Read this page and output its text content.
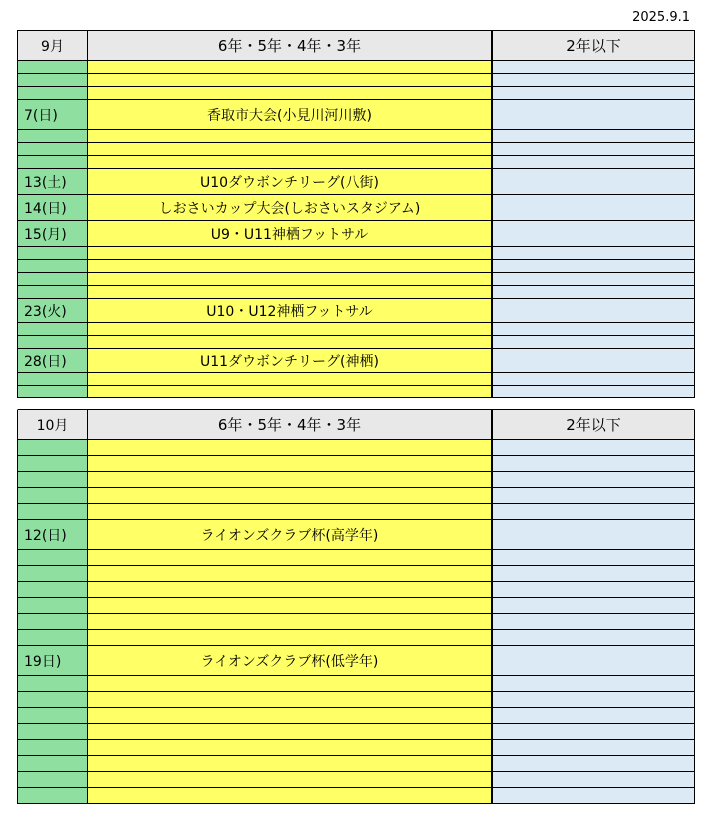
2025.9.1
9月	6年・5年・4年・3年	2年以下
7(日)	香取市大会(小見川河川敷)
13(土)	U10ダウボンチリーグ(八街)
14(日)	しおさいカップ大会(しおさいスタジアム)
15(月)	U9・U11神栖フットサル
23(火)	U10・U12神栖フットサル
28(日)	U11ダウボンチリーグ(神栖)
10月	6年・5年・4年・3年	2年以下
12(日)	ライオンズクラブ杯(高学年)
19日)	ライオンズクラブ杯(低学年)
